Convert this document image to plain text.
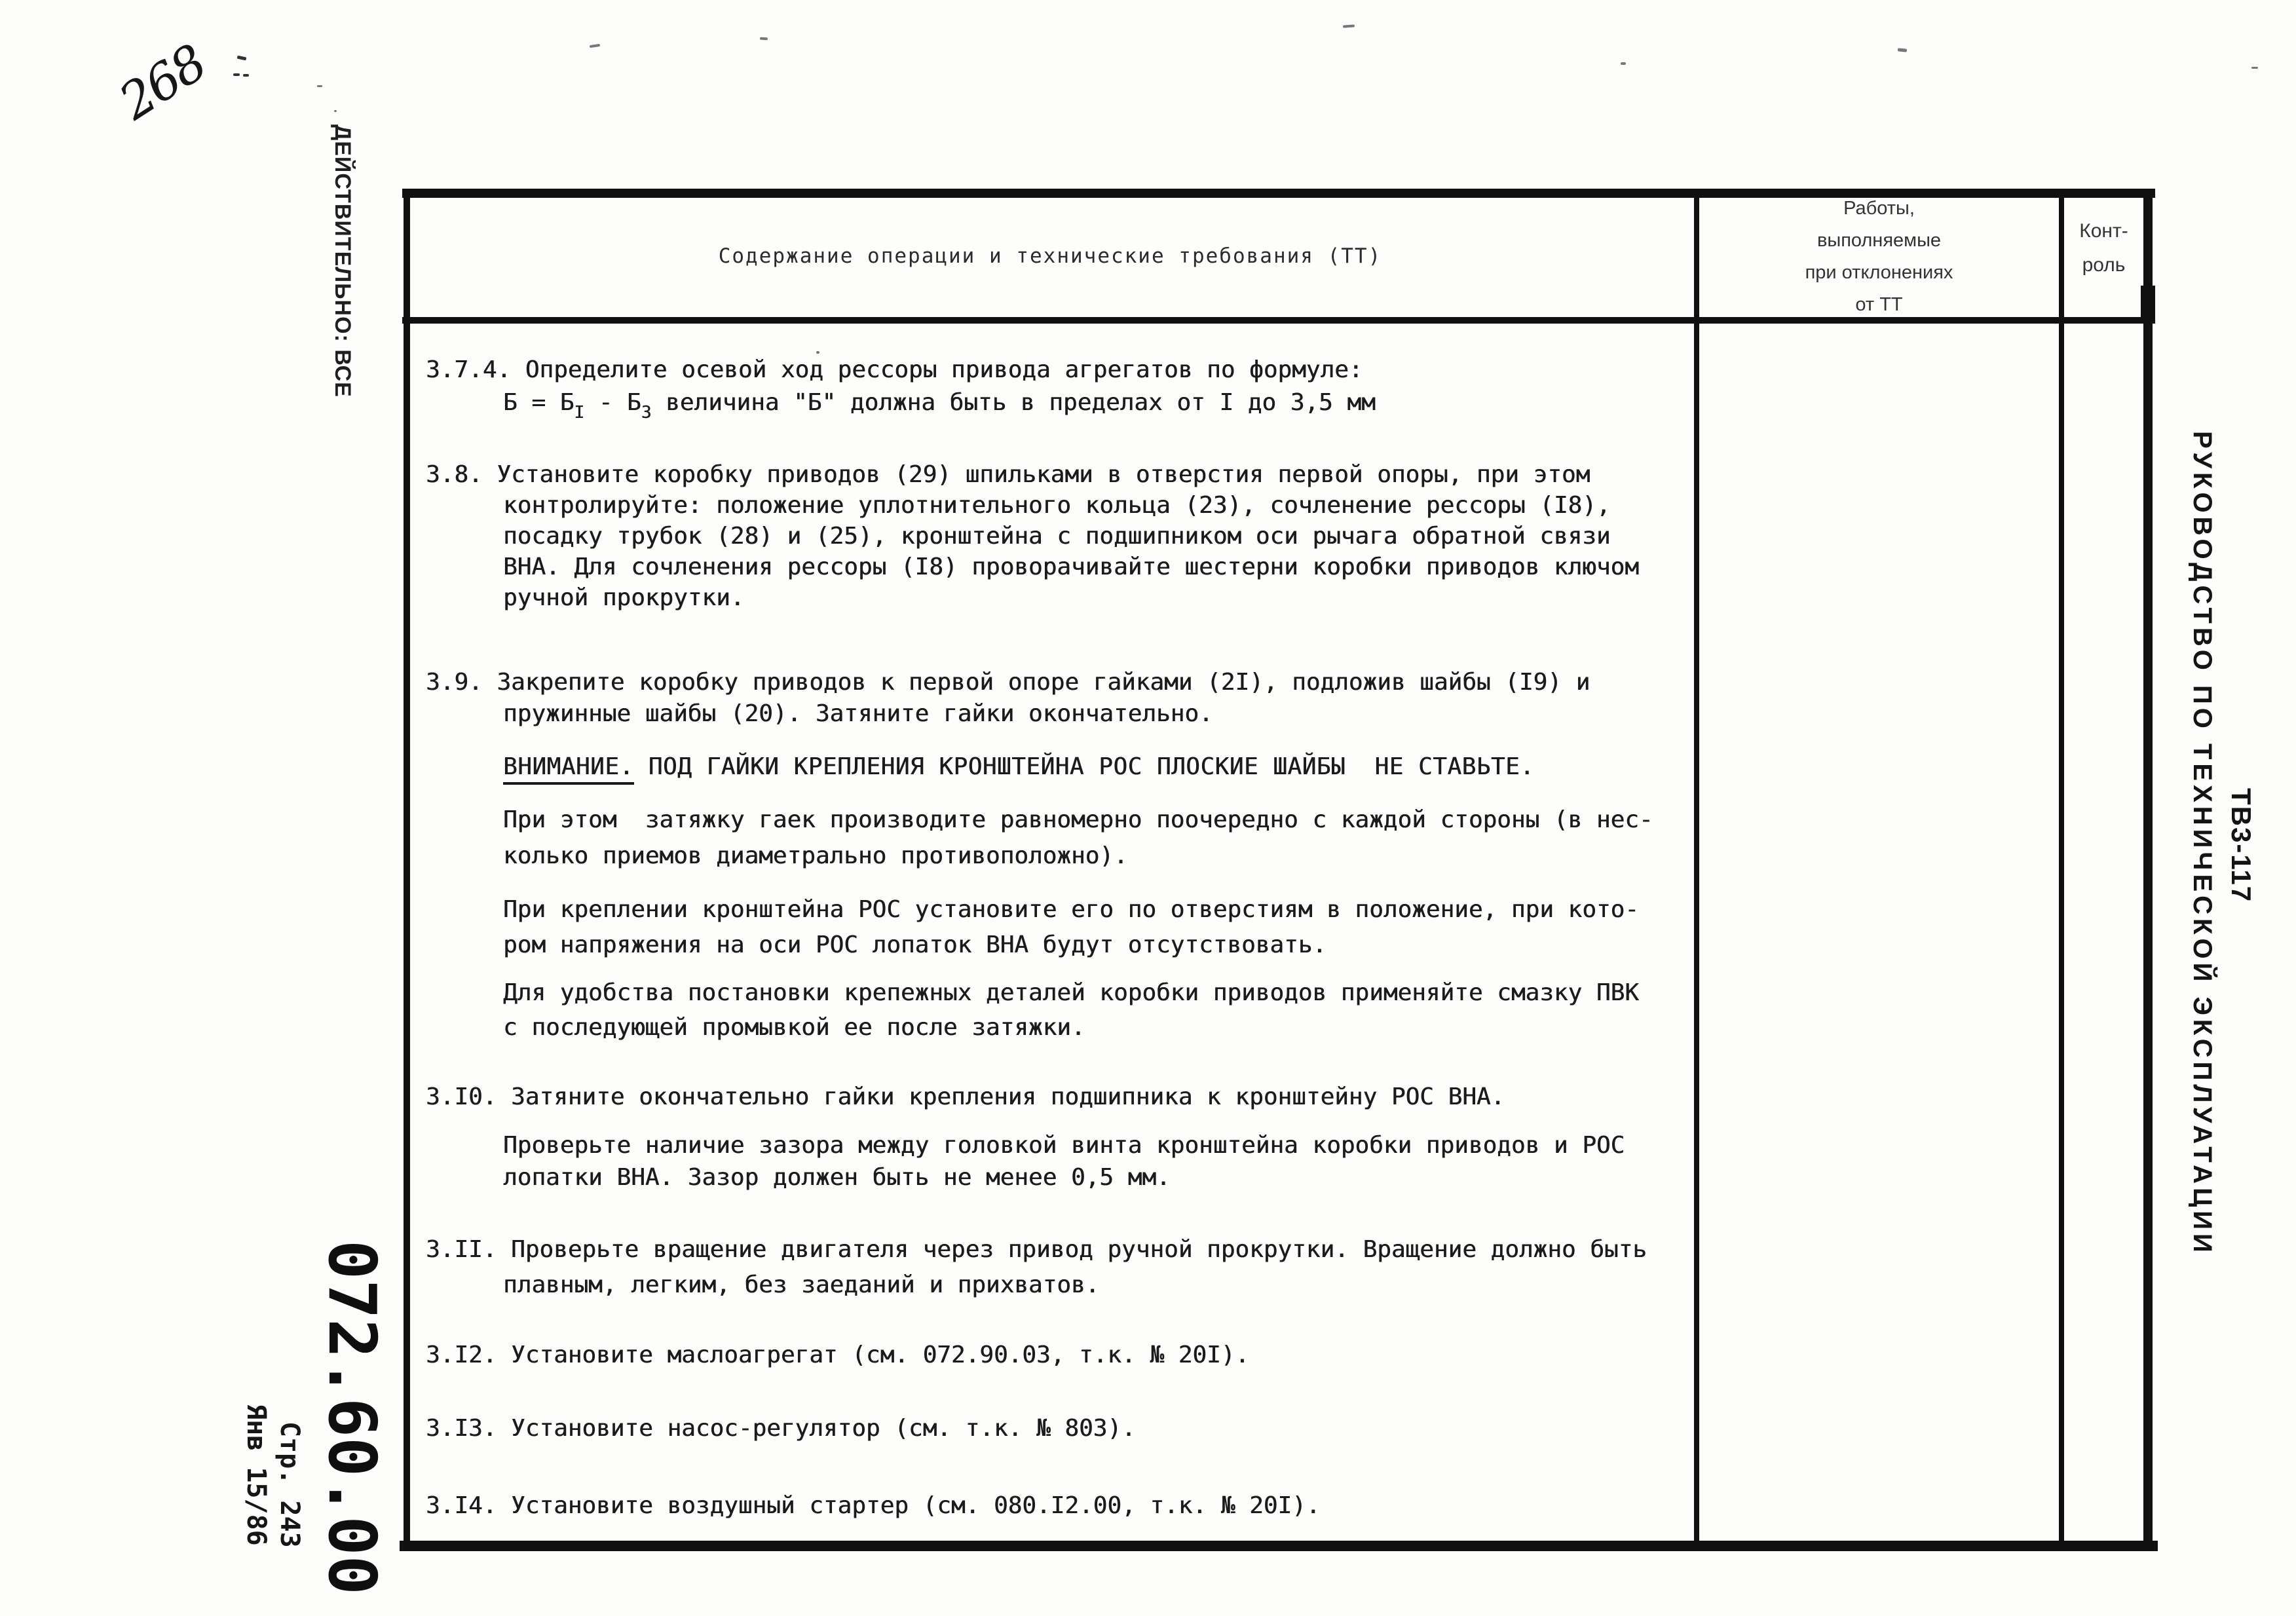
268
Содержание операции и технические требования (ТТ)
Работы,
выполняемые
при отклонениях
от ТТ
Конт-
роль
3.7.4. Определите осевой ход рессоры привода агрегатов по формуле:
$Б = Б_I - Б_3$ величина "Б" должна быть в пределах от I до 3,5 мм
3.8. Установите коробку приводов (29) шпильками в отверстия первой опоры, при этом
контролируйте: положение уплотнительного кольца (23), сочленение рессоры (I8),
посадку трубок (28) и (25), кронштейна с подшипником оси рычага обратной связи
ВНА. Для сочленения рессоры (I8) проворачивайте шестерни коробки приводов ключом
ручной прокрутки.
3.9. Закрепите коробку приводов к первой опоре гайками (2I), подложив шайбы (I9) и
пружинные шайбы (20). Затяните гайки окончательно.
ВНИМАНИЕ. ПОД ГАЙКИ КРЕПЛЕНИЯ КРОНШТЕЙНА РОС ПЛОСКИЕ ШАЙБЫ  НЕ СТАВЬТЕ.
При этом  затяжку гаек производите равномерно поочередно с каждой стороны (в нес-
колько приемов диаметрально противоположно).
При креплении кронштейна РОС установите его по отверстиям в положение, при кото-
ром напряжения на оси РОС лопаток ВНА будут отсутствовать.
Для удобства постановки крепежных деталей коробки приводов применяйте смазку ПВК
с последующей промывкой ее после затяжки.
3.I0. Затяните окончательно гайки крепления подшипника к кронштейну РОС ВНА.
Проверьте наличие зазора между головкой винта кронштейна коробки приводов и РОС
лопатки ВНА. Зазор должен быть не менее 0,5 мм.
3.II. Проверьте вращение двигателя через привод ручной прокрутки. Вращение должно быть
плавным, легким, без заеданий и прихватов.
3.I2. Установите маслоагрегат (см. 072.90.03, т.к. № 20I).
3.I3. Установите насос-регулятор (см. т.к. № 803).
3.I4. Установите воздушный стартер (см. 080.I2.00, т.к. № 20I).
ДЕЙСТВИТЕЛЬНО: ВСЕ
072.60.00
Стр. 243
Янв 15/86
ТВ3-117
РУКОВОДСТВО ПО ТЕХНИЧЕСКОЙ ЭКСПЛУАТАЦИИ
